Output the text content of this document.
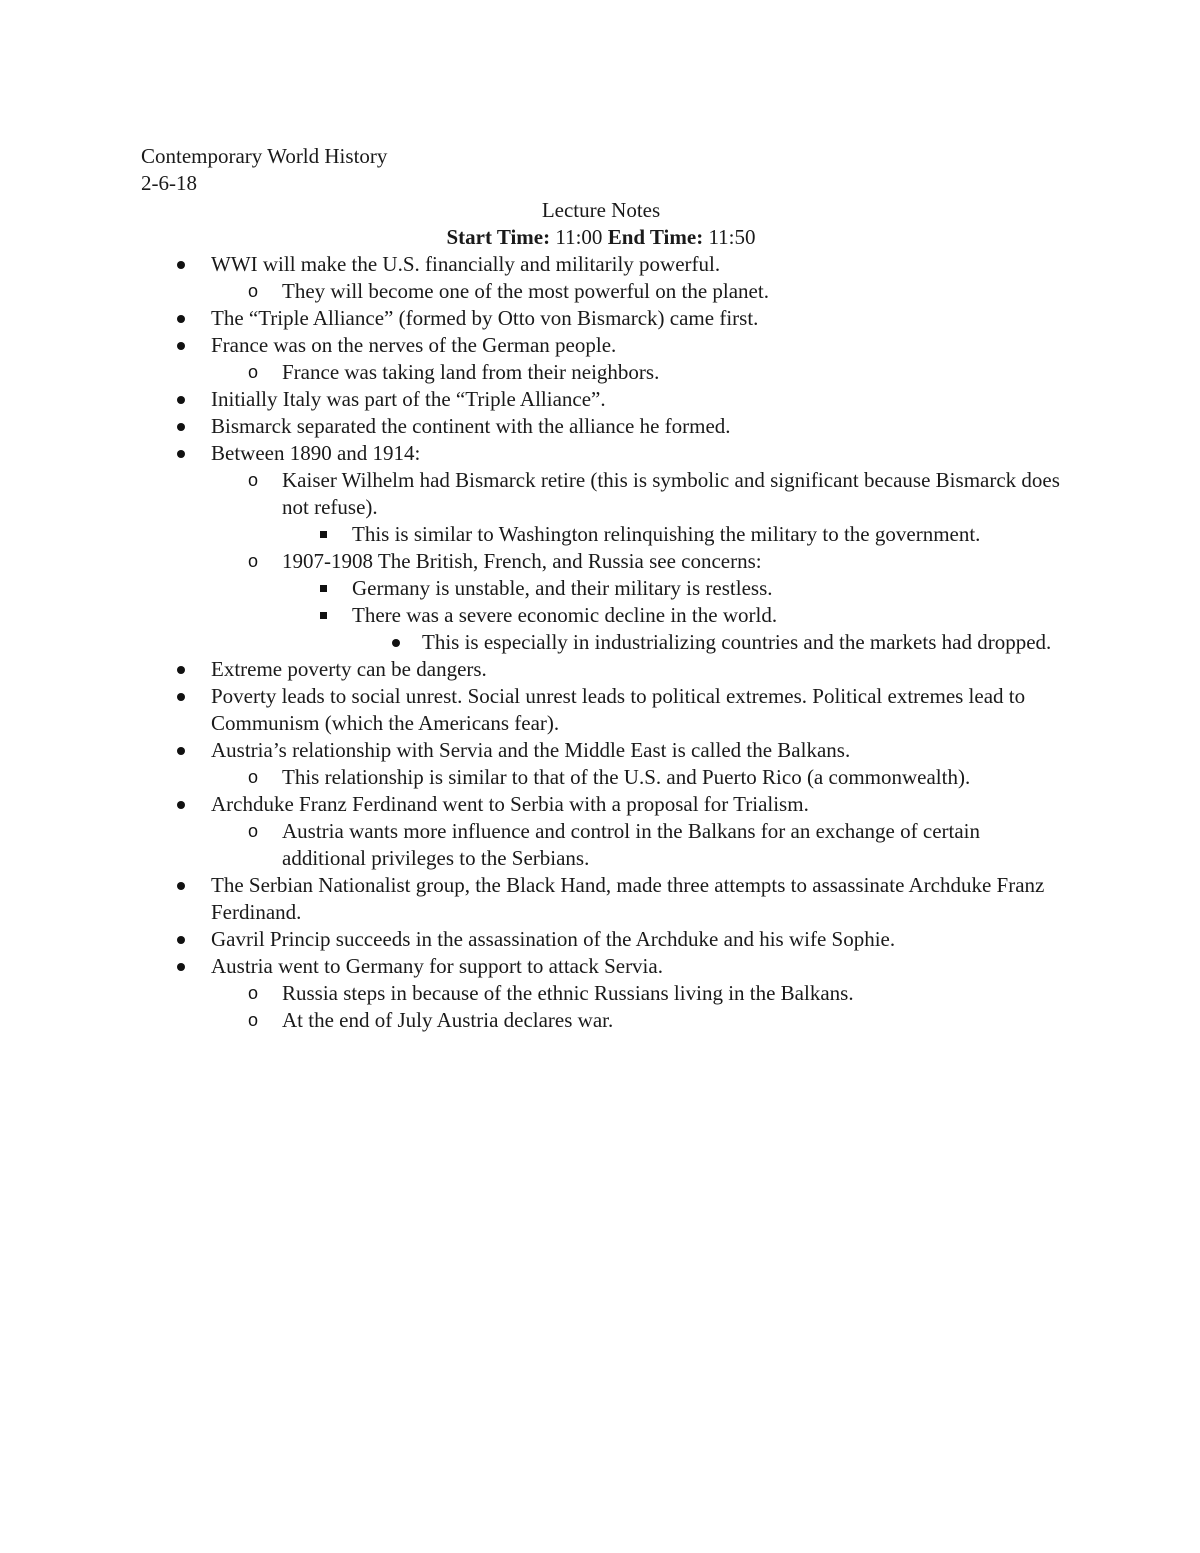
Contemporary World History
2-6-18
Lecture Notes
Start Time: 11:00 End Time: 11:50
WWI will make the U.S. financially and militarily powerful.
o They will become one of the most powerful on the planet.
The “Triple Alliance” (formed by Otto von Bismarck) came first.
France was on the nerves of the German people.
o France was taking land from their neighbors.
Initially Italy was part of the “Triple Alliance”.
Bismarck separated the continent with the alliance he formed.
Between 1890 and 1914:
o Kaiser Wilhelm had Bismarck retire (this is symbolic and significant because Bismarck does not refuse).
This is similar to Washington relinquishing the military to the government.
o 1907-1908 The British, French, and Russia see concerns:
Germany is unstable, and their military is restless.
There was a severe economic decline in the world.
This is especially in industrializing countries and the markets had dropped.
Extreme poverty can be dangers.
Poverty leads to social unrest. Social unrest leads to political extremes. Political extremes lead to Communism (which the Americans fear).
Austria’s relationship with Servia and the Middle East is called the Balkans.
o This relationship is similar to that of the U.S. and Puerto Rico (a commonwealth).
Archduke Franz Ferdinand went to Serbia with a proposal for Trialism.
o Austria wants more influence and control in the Balkans for an exchange of certain additional privileges to the Serbians.
The Serbian Nationalist group, the Black Hand, made three attempts to assassinate Archduke Franz Ferdinand.
Gavril Princip succeeds in the assassination of the Archduke and his wife Sophie.
Austria went to Germany for support to attack Servia.
o Russia steps in because of the ethnic Russians living in the Balkans.
o At the end of July Austria declares war.
